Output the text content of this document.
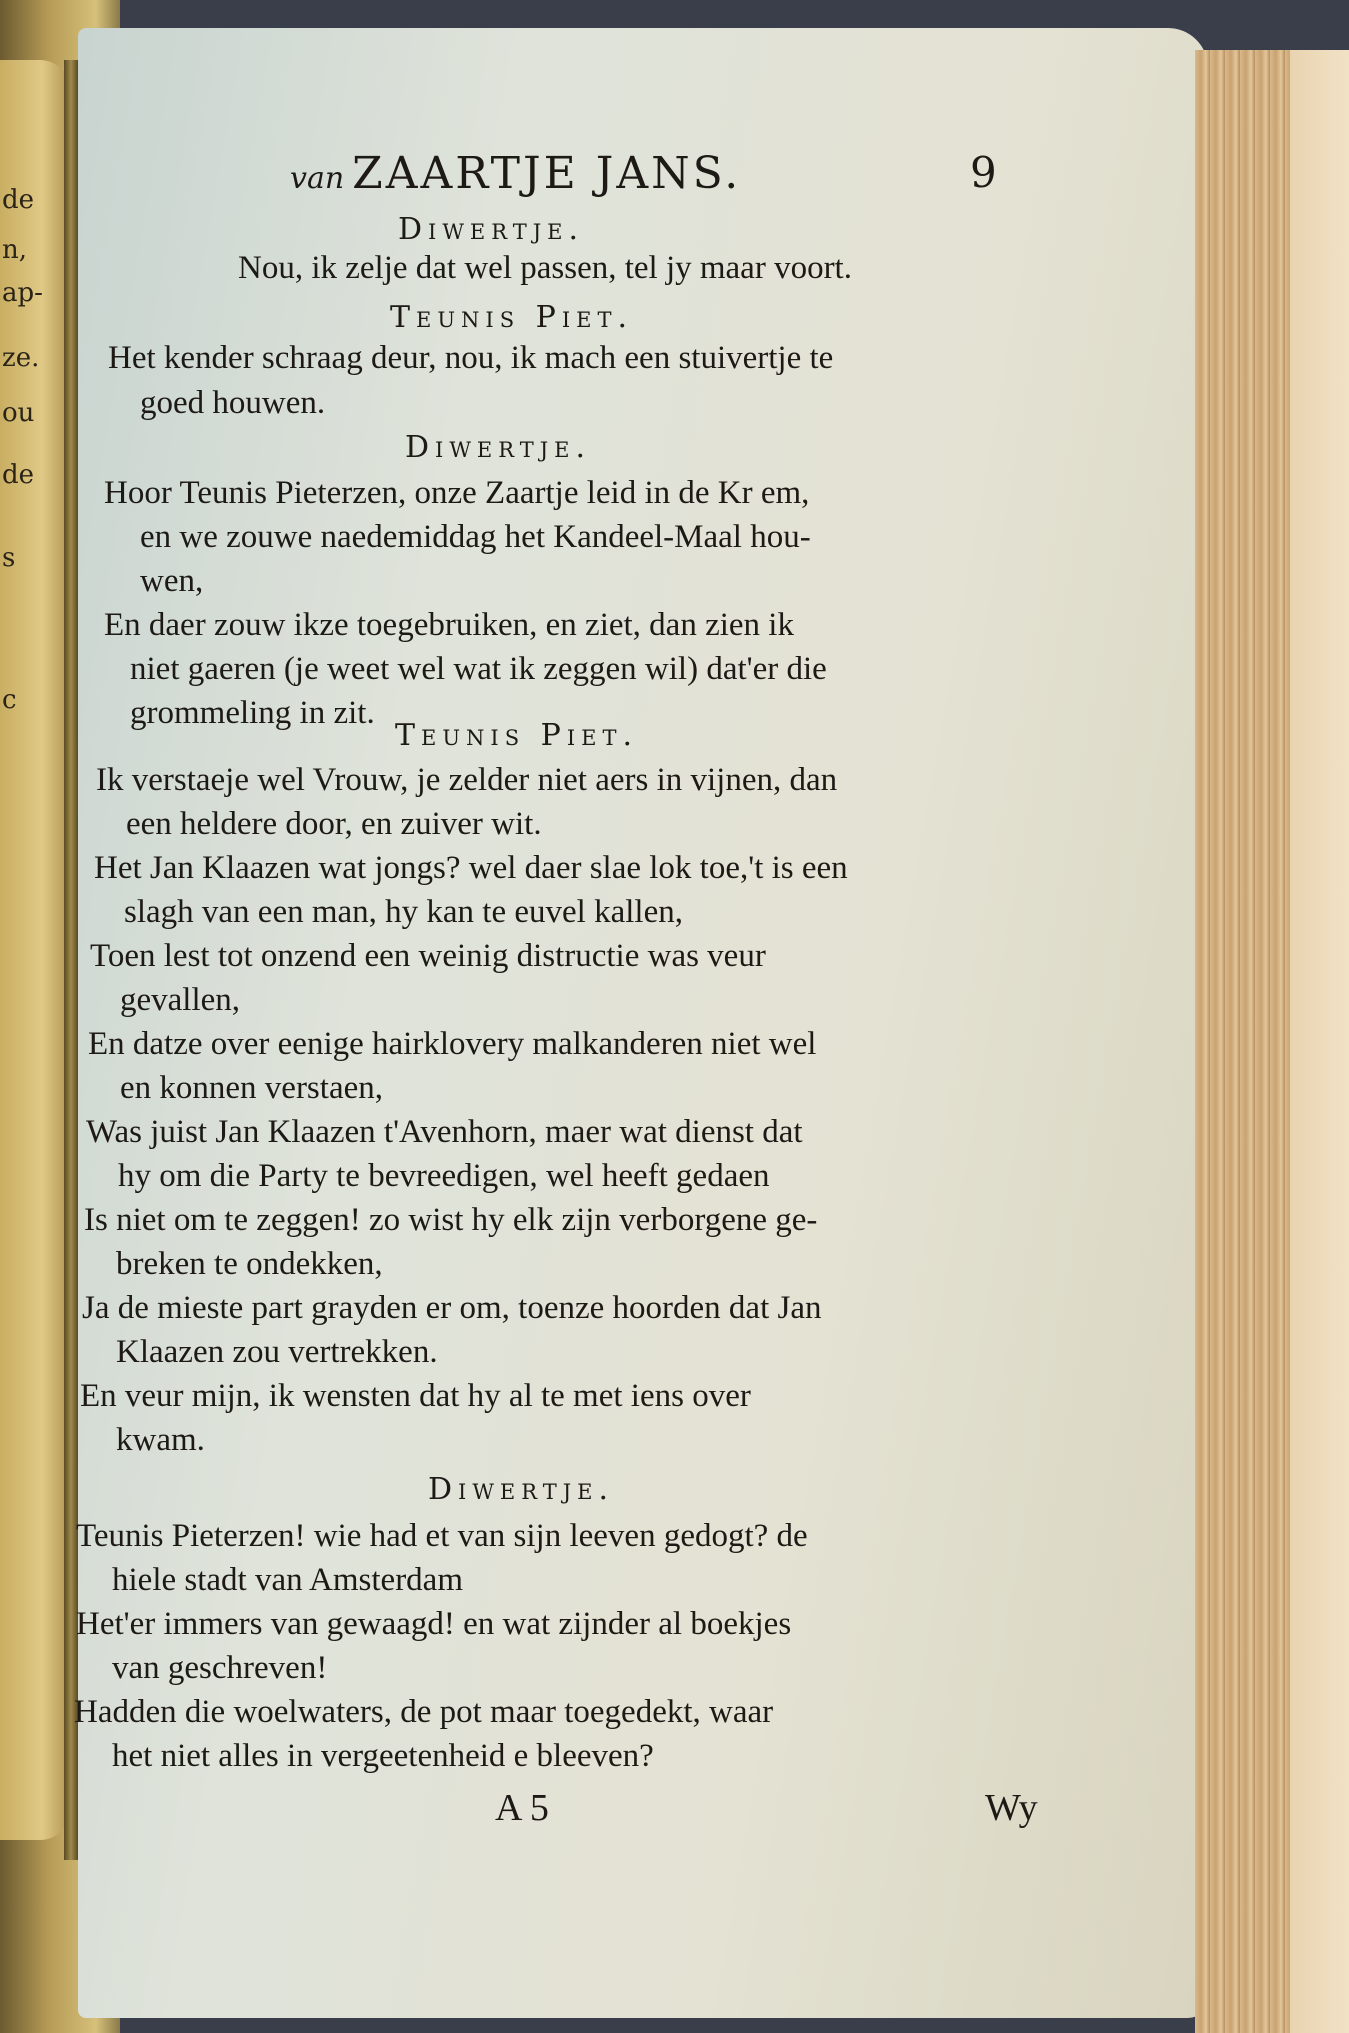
de
n,
ap-
ze.
ou
de
s
c
van ZAARTJE JANS.	9
Diwertje.
Nou, ik zelje dat wel passen, tel jy maar voort.
Teunis Piet.
Het kender schraag deur, nou, ik mach een stuivertje te
goed houwen.
Diwertje.
Hoor Teunis Pieterzen, onze Zaartje leid in de Kr em,
en we zouwe naedemiddag het Kandeel-Maal hou-
wen,
En daer zouw ikze toegebruiken, en ziet, dan zien ik
niet gaeren (je weet wel wat ik zeggen wil) dat'er die
grommeling in zit.
Teunis Piet.
Ik verstaeje wel Vrouw, je zelder niet aers in vijnen, dan
een heldere door, en zuiver wit.
Het Jan Klaazen wat jongs? wel daer slae lok toe,'t is een
slagh van een man, hy kan te euvel kallen,
Toen lest tot onzend een weinig distructie was veur
gevallen,
En datze over eenige hairklovery malkanderen niet wel
en konnen verstaen,
Was juist Jan Klaazen t'Avenhorn, maer wat dienst dat
hy om die Party te bevreedigen, wel heeft gedaen
Is niet om te zeggen! zo wist hy elk zijn verborgene ge-
breken te ondekken,
Ja de mieste part grayden er om, toenze hoorden dat Jan
Klaazen zou vertrekken.
En veur mijn, ik wensten dat hy al te met iens over
kwam.
Diwertje.
Teunis Pieterzen! wie had et van sijn leeven gedogt? de
hiele stadt van Amsterdam
Het'er immers van gewaagd! en wat zijnder al boekjes
van geschreven!
Hadden die woelwaters, de pot maar toegedekt, waar
het niet alles in vergeetenheid e bleeven?
A 5	Wy
